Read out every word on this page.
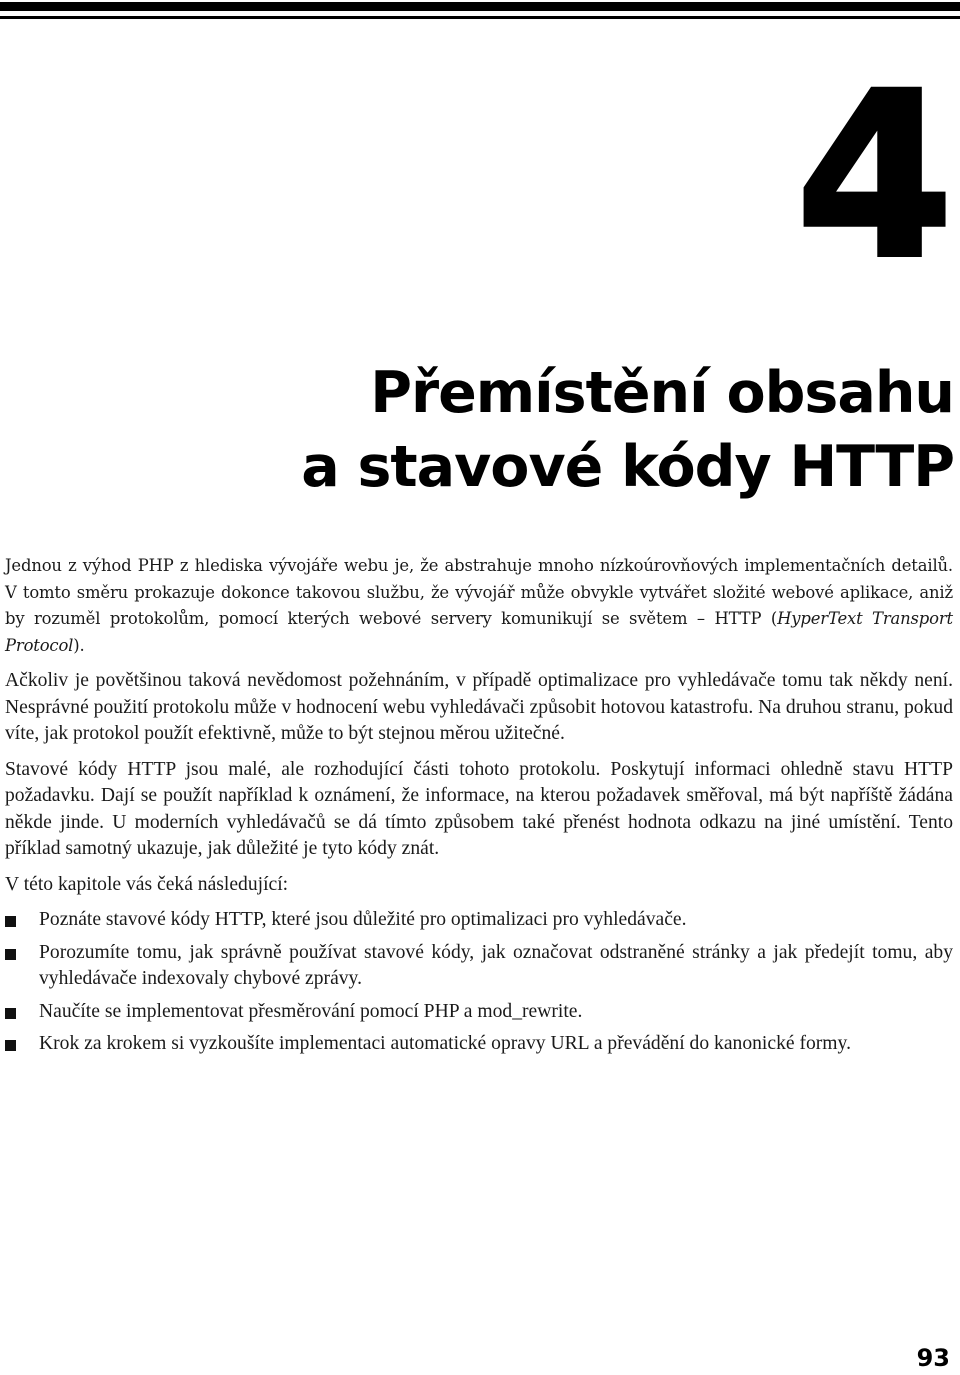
4
Přemístění obsahu
a stavové kódy HTTP

Jednou z výhod PHP z hlediska vývojáře webu je, že abstrahuje mnoho nízkoúrovňových implementačních detailů. V tomto směru prokazuje dokonce takovou službu, že vývojář může obvykle vytvářet složité webové aplikace, aniž by rozuměl protokolům, pomocí kterých webové servery komunikují se světem – HTTP (HyperText Transport Protocol).

Ačkoliv je povětšinou taková nevědomost požehnáním, v případě optimalizace pro vyhledávače tomu tak někdy není. Nesprávné použití protokolu může v hodnocení webu vyhledávači způsobit hotovou katastrofu. Na druhou stranu, pokud víte, jak protokol použít efektivně, může to být stejnou měrou užitečné.

Stavové kódy HTTP jsou malé, ale rozhodující části tohoto protokolu. Poskytují informaci ohledně stavu HTTP požadavku. Dají se použít například k oznámení, že informace, na kterou požadavek směřoval, má být napříště žádána někde jinde. U moderních vyhledávačů se dá tímto způsobem také přenést hodnota odkazu na jiné umístění. Tento příklad samotný ukazuje, jak důležité je tyto kódy znát.

V této kapitole vás čeká následující:

Poznáte stavové kódy HTTP, které jsou důležité pro optimalizaci pro vyhledávače.
Porozumíte tomu, jak správně používat stavové kódy, jak označovat odstraněné stránky a jak předejít tomu, aby vyhledávače indexovaly chybové zprávy.
Naučíte se implementovat přesměrování pomocí PHP a mod_rewrite.
Krok za krokem si vyzkoušíte implementaci automatické opravy URL a převádění do kanonické formy.
93
